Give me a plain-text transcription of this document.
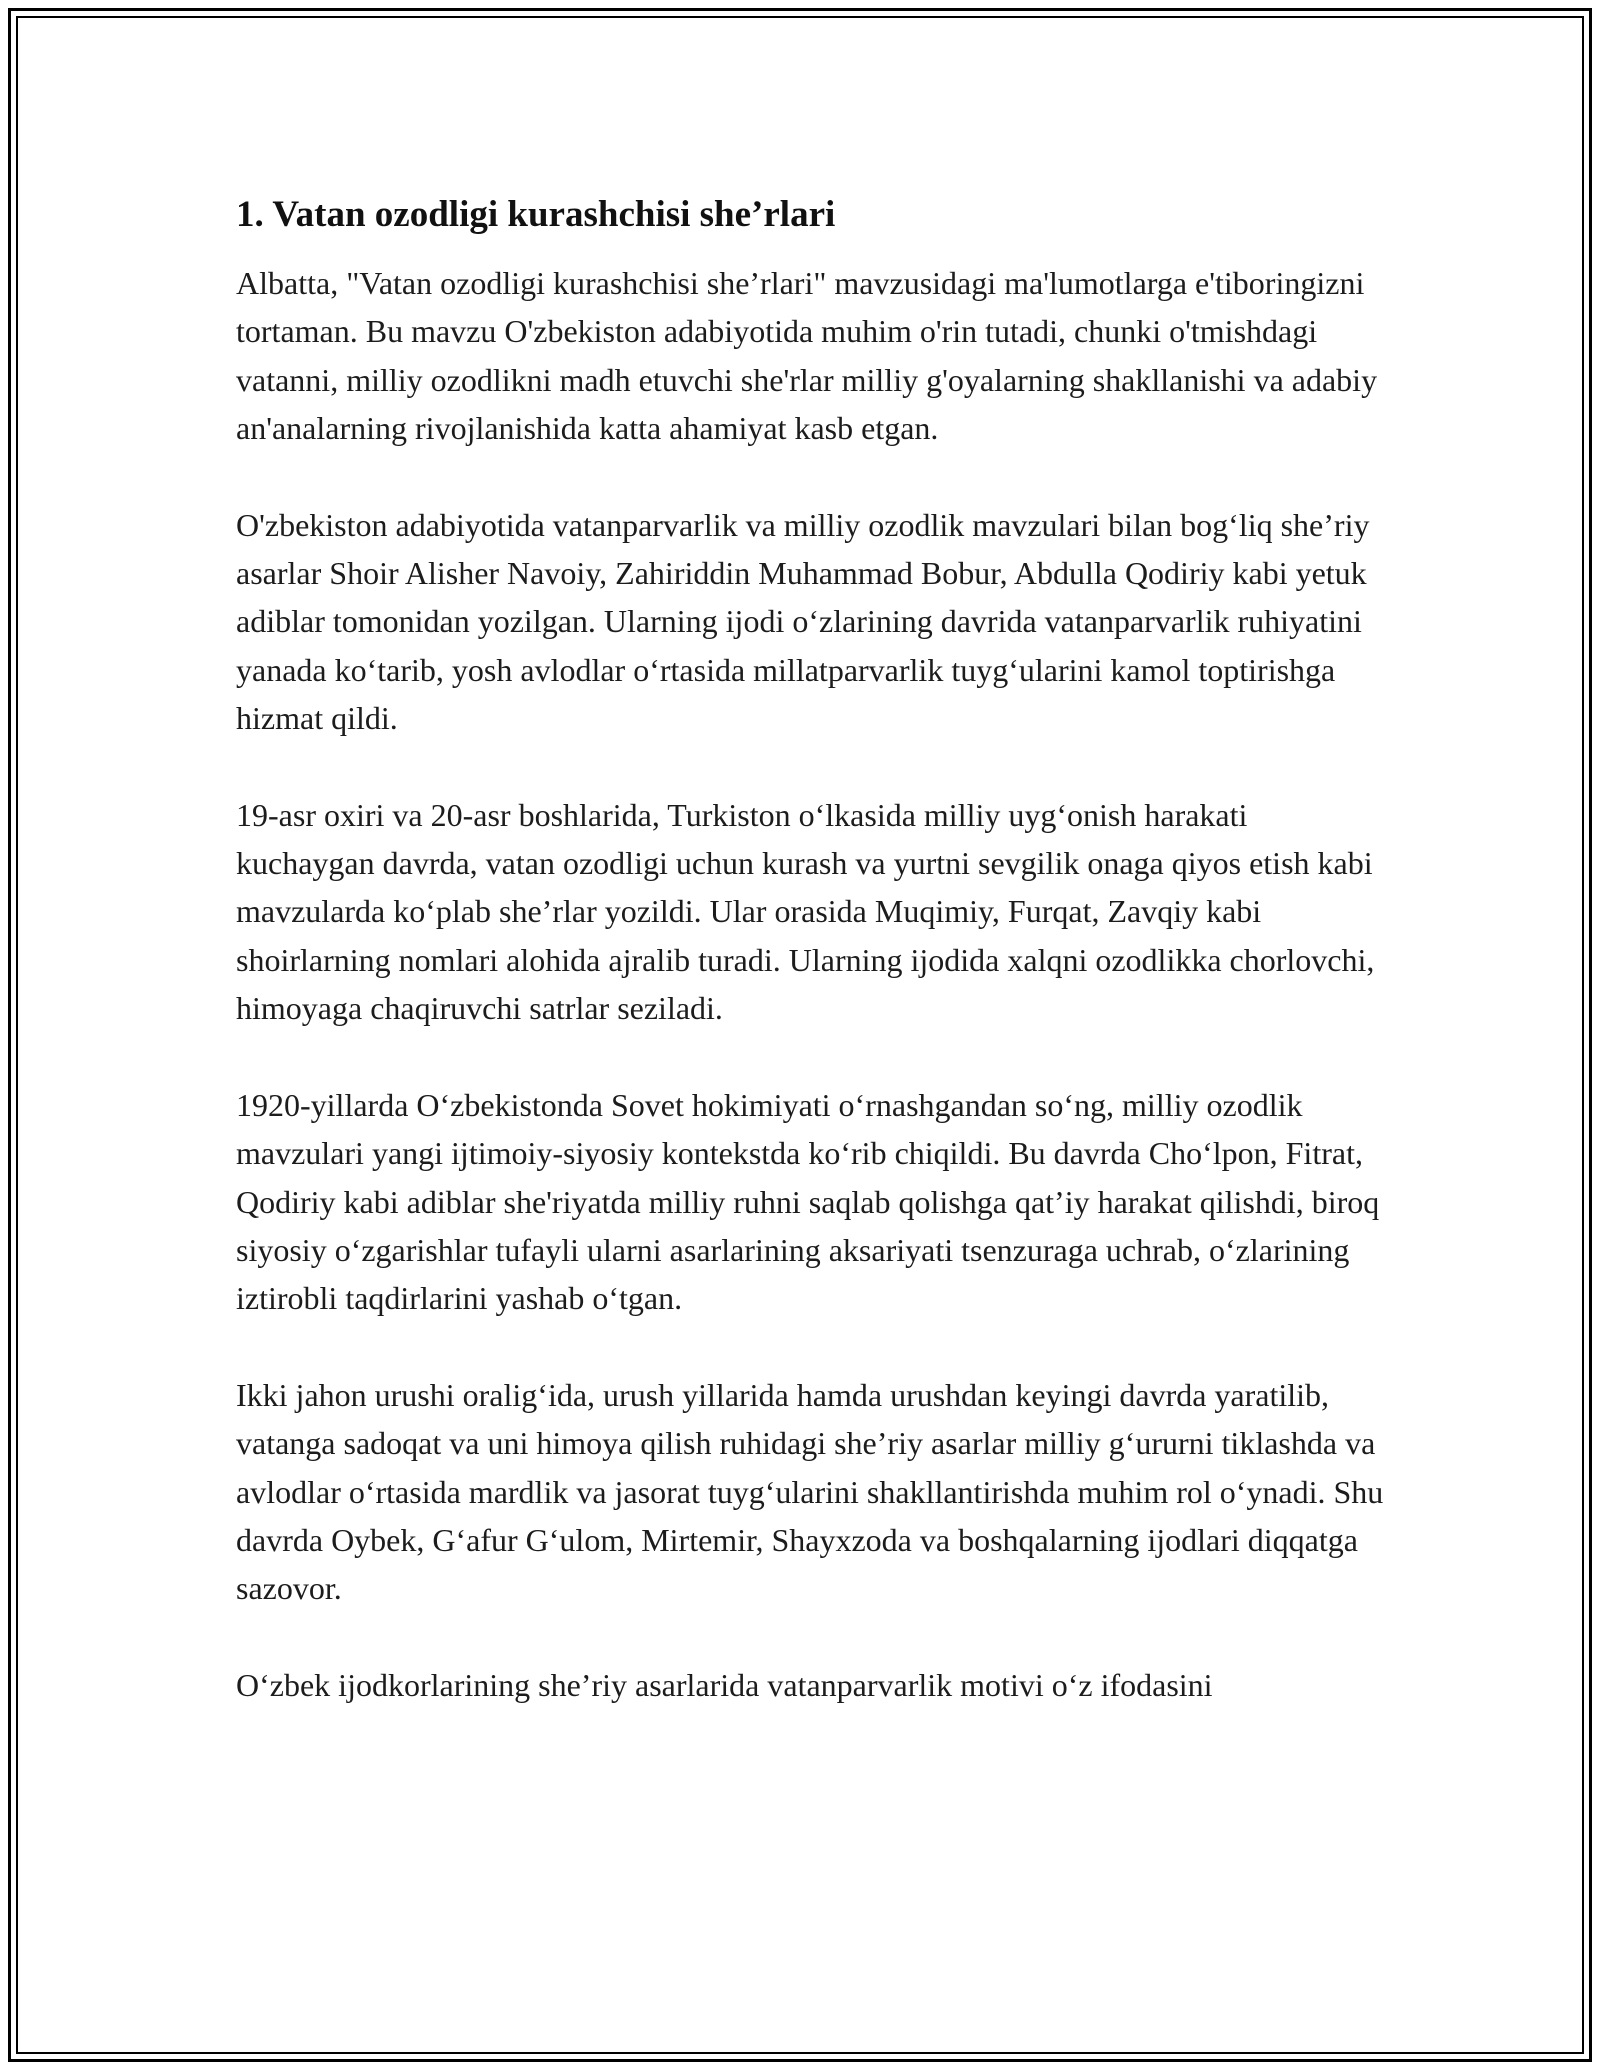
1. Vatan ozodligi kurashchisi she’rlari

Albatta, "Vatan ozodligi kurashchisi she’rlari" mavzusidagi ma'lumotlarga e'tiboringizni tortaman. Bu mavzu O'zbekiston adabiyotida muhim o'rin tutadi, chunki o'tmishdagi vatanni, milliy ozodlikni madh etuvchi she'rlar milliy g'oyalarning shakllanishi va adabiy an'analarning rivojlanishida katta ahamiyat kasb etgan.

O'zbekiston adabiyotida vatanparvarlik va milliy ozodlik mavzulari bilan bog‘liq she’riy asarlar Shoir Alisher Navoiy, Zahiriddin Muhammad Bobur, Abdulla Qodiriy kabi yetuk adiblar tomonidan yozilgan. Ularning ijodi o‘zlarining davrida vatanparvarlik ruhiyatini yanada ko‘tarib, yosh avlodlar o‘rtasida millatparvarlik tuyg‘ularini kamol toptirishga hizmat qildi.

19-asr oxiri va 20-asr boshlarida, Turkiston o‘lkasida milliy uyg‘onish harakati kuchaygan davrda, vatan ozodligi uchun kurash va yurtni sevgilik onaga qiyos etish kabi mavzularda ko‘plab she’rlar yozildi. Ular orasida Muqimiy, Furqat, Zavqiy kabi shoirlarning nomlari alohida ajralib turadi. Ularning ijodida xalqni ozodlikka chorlovchi, himoyaga chaqiruvchi satrlar seziladi.

1920-yillarda O‘zbekistonda Sovet hokimiyati o‘rnashgandan so‘ng, milliy ozodlik mavzulari yangi ijtimoiy-siyosiy kontekstda ko‘rib chiqildi. Bu davrda Cho‘lpon, Fitrat, Qodiriy kabi adiblar she'riyatda milliy ruhni saqlab qolishga qat’iy harakat qilishdi, biroq siyosiy o‘zgarishlar tufayli ularni asarlarining aksariyati tsenzuraga uchrab, o‘zlarining iztirobli taqdirlarini yashab o‘tgan.

Ikki jahon urushi oralig‘ida, urush yillarida hamda urushdan keyingi davrda yaratilib, vatanga sadoqat va uni himoya qilish ruhidagi she’riy asarlar milliy g‘ururni tiklashda va avlodlar o‘rtasida mardlik va jasorat tuyg‘ularini shakllantirishda muhim rol o‘ynadi. Shu davrda Oybek, G‘afur G‘ulom, Mirtemir, Shayxzoda va boshqalarning ijodlari diqqatga sazovor.

O‘zbek ijodkorlarining she’riy asarlarida vatanparvarlik motivi o‘z ifodasini
